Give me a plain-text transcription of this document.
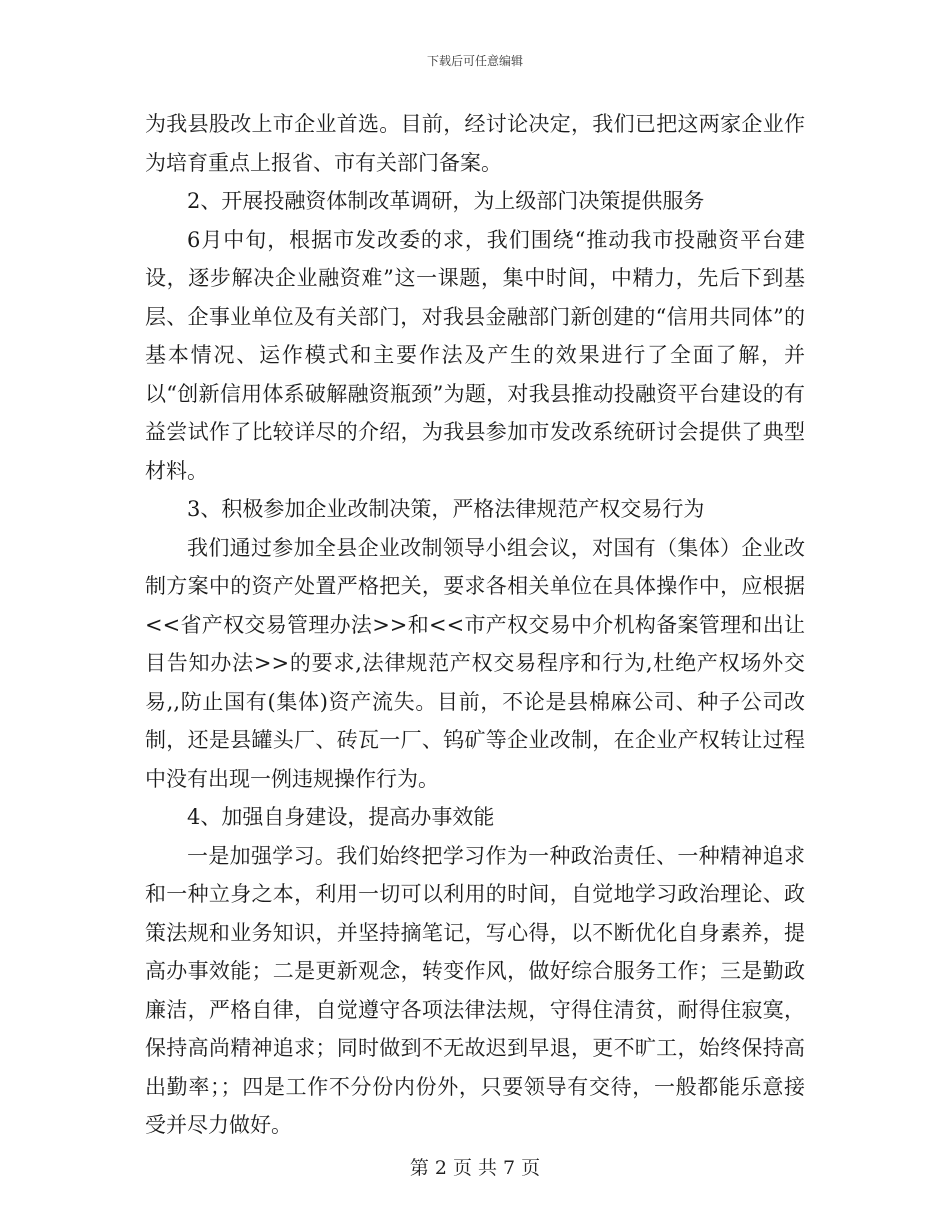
下载后可任意编辑

为我县股改上市企业首选。目前，经讨论决定，我们已把这两家企业作为培育重点上报省、市有关部门备案。

2、开展投融资体制改革调研，为上级部门决策提供服务

6月中旬，根据市发改委的求，我们围绕“推动我市投融资平台建设，逐步解决企业融资难”这一课题，集中时间，中精力，先后下到基层、企事业单位及有关部门，对我县金融部门新创建的“信用共同体”的基本情况、运作模式和主要作法及产生的效果进行了全面了解，并以“创新信用体系破解融资瓶颈”为题，对我县推动投融资平台建设的有益尝试作了比较详尽的介绍，为我县参加市发改系统研讨会提供了典型材料。

3、积极参加企业改制决策，严格法律规范产权交易行为

我们通过参加全县企业改制领导小组会议，对国有（集体）企业改制方案中的资产处置严格把关，要求各相关单位在具体操作中，应根据<<省产权交易管理办法>>和<<市产权交易中介机构备案管理和出让目告知办法>>的要求,法律规范产权交易程序和行为,杜绝产权场外交易,,防止国有(集体)资产流失。目前，不论是县棉麻公司、种子公司改制，还是县罐头厂、砖瓦一厂、钨矿等企业改制，在企业产权转让过程中没有出现一例违规操作行为。

4、加强自身建设，提高办事效能

一是加强学习。我们始终把学习作为一种政治责任、一种精神追求和一种立身之本，利用一切可以利用的时间，自觉地学习政治理论、政策法规和业务知识，并坚持摘笔记，写心得，以不断优化自身素养，提高办事效能；二是更新观念，转变作风，做好综合服务工作；三是勤政廉洁，严格自律，自觉遵守各项法律法规，守得住清贫，耐得住寂寞，保持高尚精神追求；同时做到不无故迟到早退，更不旷工，始终保持高出勤率；；四是工作不分份内份外，只要领导有交待，一般都能乐意接受并尽力做好。

第 2 页 共 7 页
